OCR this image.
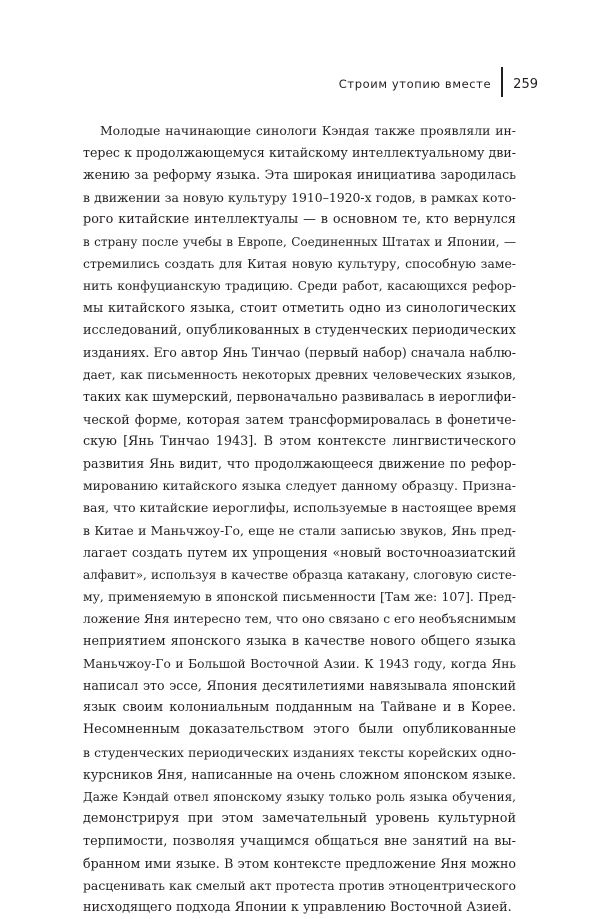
Строим утопию вместе	259

Молодые начинающие синологи Кэндая также проявляли ин-
терес к продолжающемуся китайскому интеллектуальному дви-
жению за реформу языка. Эта широкая инициатива зародилась
в движении за новую культуру 1910–1920-х годов, в рамках кото-
рого китайские интеллектуалы — в основном те, кто вернулся
в страну после учебы в Европе, Соединенных Штатах и Японии, —
стремились создать для Китая новую культуру, способную заме-
нить конфуцианскую традицию. Среди работ, касающихся рефор-
мы китайского языка, стоит отметить одно из синологических
исследований, опубликованных в студенческих периодических
изданиях. Его автор Янь Тинчао (первый набор) сначала наблю-
дает, как письменность некоторых древних человеческих языков,
таких как шумерский, первоначально развивалась в иероглифи-
ческой форме, которая затем трансформировалась в фонетиче-
скую [Янь Тинчао 1943]. В этом контексте лингвистического
развития Янь видит, что продолжающееся движение по рефор-
мированию китайского языка следует данному образцу. Призна-
вая, что китайские иероглифы, используемые в настоящее время
в Китае и Маньчжоу-Го, еще не стали записью звуков, Янь пред-
лагает создать путем их упрощения «новый восточноазиатский
алфавит», используя в качестве образца катакану, слоговую систе-
му, применяемую в японской письменности [Там же: 107]. Пред-
ложение Яня интересно тем, что оно связано с его необъяснимым
неприятием японского языка в качестве нового общего языка
Маньчжоу-Го и Большой Восточной Азии. К 1943 году, когда Янь
написал это эссе, Япония десятилетиями навязывала японский
язык своим колониальным подданным на Тайване и в Корее.
Несомненным доказательством этого были опубликованные
в студенческих периодических изданиях тексты корейских одно-
курсников Яня, написанные на очень сложном японском языке.
Даже Кэндай отвел японскому языку только роль языка обучения,
демонстрируя при этом замечательный уровень культурной
терпимости, позволяя учащимся общаться вне занятий на вы-
бранном ими языке. В этом контексте предложение Яня можно
расценивать как смелый акт протеста против этноцентрического
нисходящего подхода Японии к управлению Восточной Азией.
